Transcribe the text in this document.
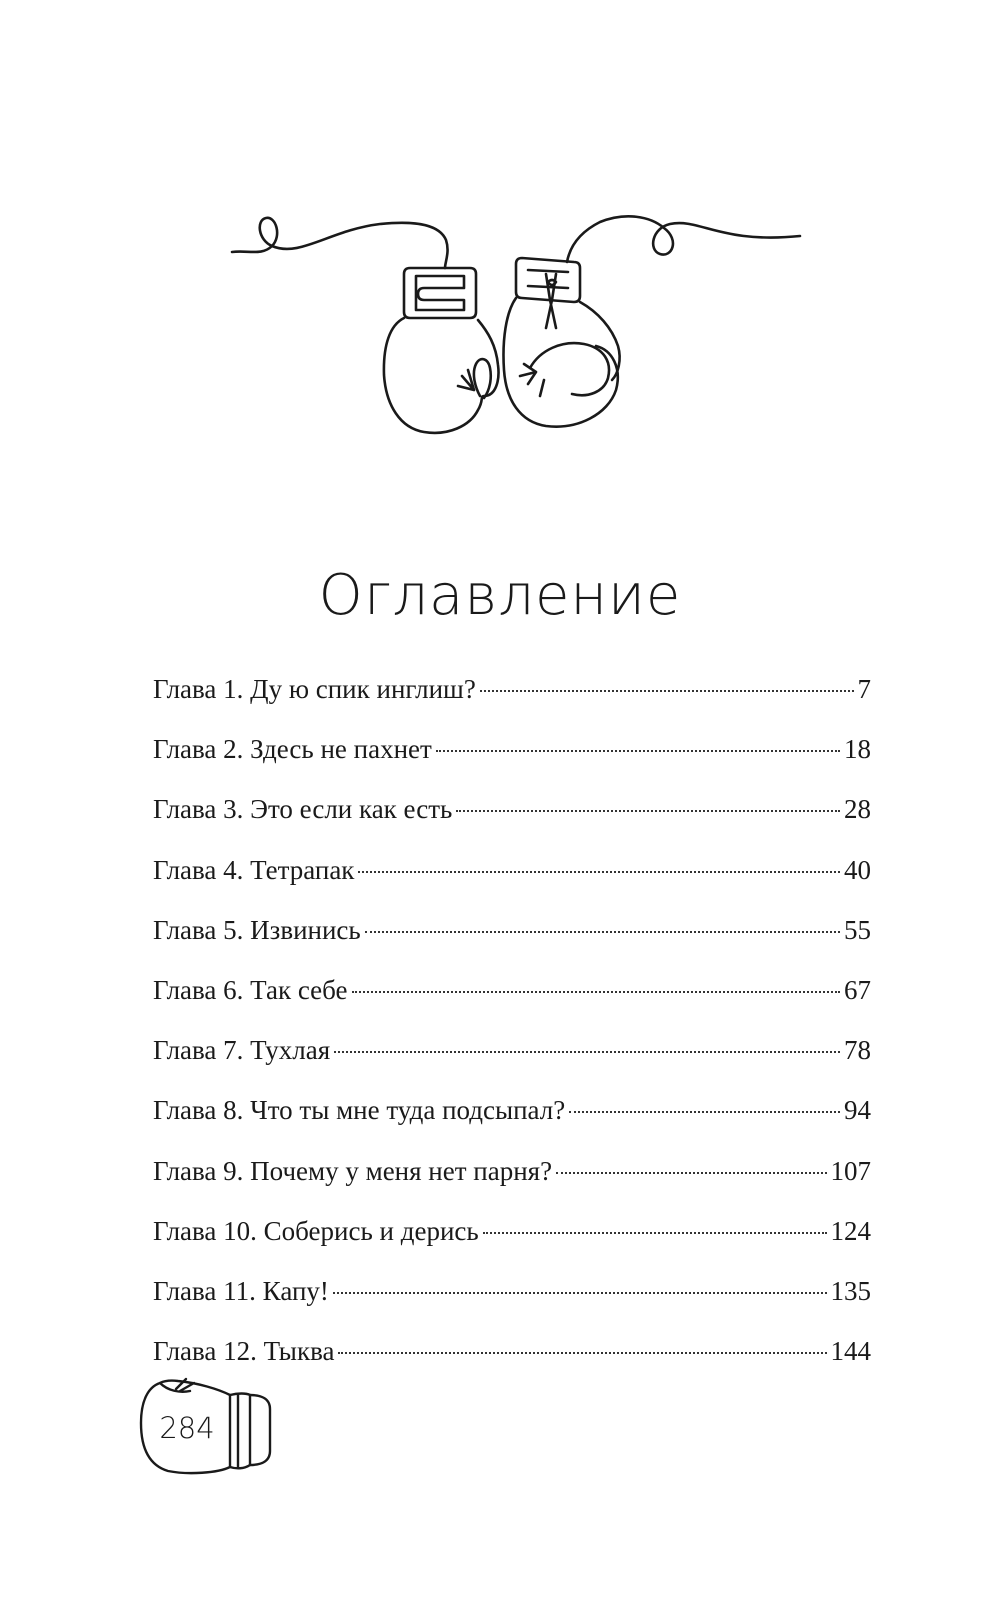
Оглавление
Глава 1. Ду ю спик инглиш?	7
Глава 2. Здесь не пахнет	18
Глава 3. Это если как есть	28
Глава 4. Тетрапак	40
Глава 5. Извинись	55
Глава 6. Так себе	67
Глава 7. Тухлая	78
Глава 8. Что ты мне туда подсыпал?	94
Глава 9. Почему у меня нет парня?	107
Глава 10. Соберись и дерись	124
Глава 11. Капу!	135
Глава 12. Тыква	144
284
